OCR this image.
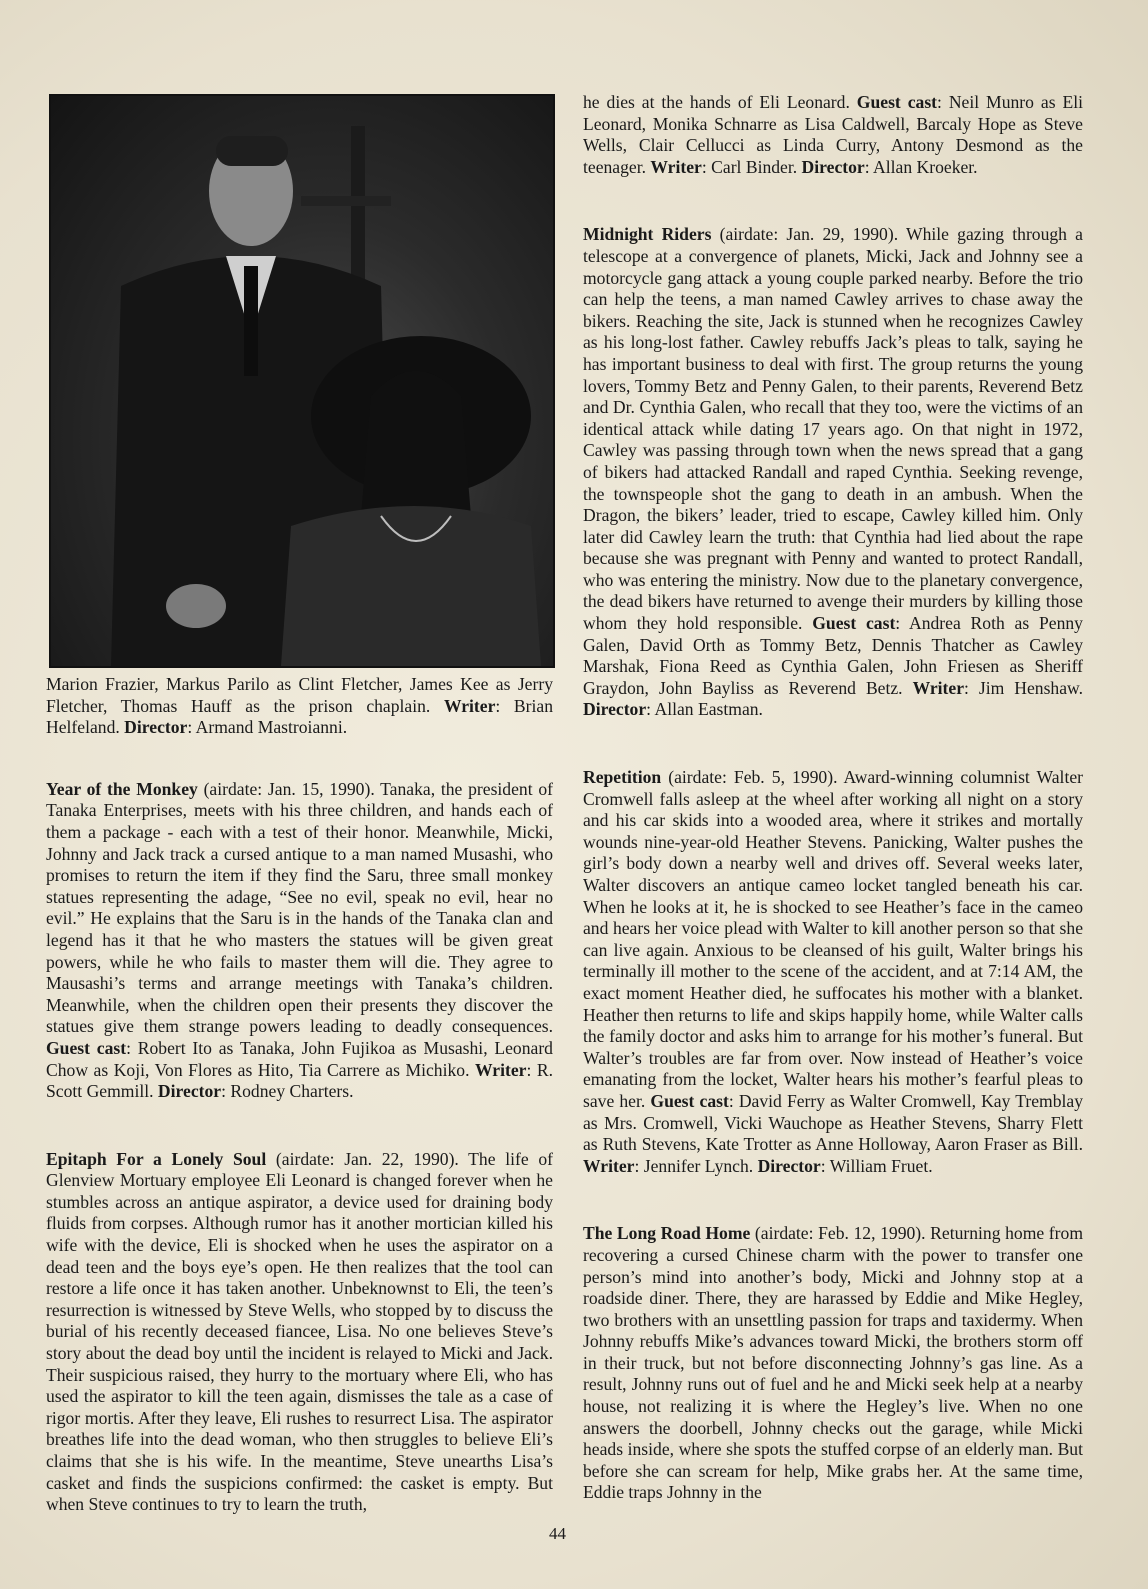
Marion Frazier, Markus Parilo as Clint Fletcher, James Kee as Jerry Fletcher, Thomas Hauff as the prison chaplain. Writer: Brian Helfeland. Director: Armand Mastroianni.
Year of the Monkey (airdate: Jan. 15, 1990). Tanaka, the president of Tanaka Enterprises, meets with his three children, and hands each of them a package - each with a test of their honor. Meanwhile, Micki, Johnny and Jack track a cursed antique to a man named Musashi, who promises to return the item if they find the Saru, three small monkey statues representing the adage, “See no evil, speak no evil, hear no evil.” He explains that the Saru is in the hands of the Tanaka clan and legend has it that he who masters the statues will be given great powers, while he who fails to master them will die. They agree to Mausashi’s terms and arrange meetings with Tanaka’s children. Meanwhile, when the children open their presents they discover the statues give them strange powers leading to deadly consequences. Guest cast: Robert Ito as Tanaka, John Fujikoa as Musashi, Leonard Chow as Koji, Von Flores as Hito, Tia Carrere as Michiko. Writer: R. Scott Gemmill. Director: Rodney Charters.
Epitaph For a Lonely Soul (airdate: Jan. 22, 1990). The life of Glenview Mortuary employee Eli Leonard is changed forever when he stumbles across an antique aspirator, a device used for draining body fluids from corpses. Although rumor has it another mortician killed his wife with the device, Eli is shocked when he uses the aspirator on a dead teen and the boys eye’s open. He then realizes that the tool can restore a life once it has taken another. Unbeknownst to Eli, the teen’s resurrection is witnessed by Steve Wells, who stopped by to discuss the burial of his recently deceased fiancee, Lisa. No one believes Steve’s story about the dead boy until the incident is relayed to Micki and Jack. Their suspicious raised, they hurry to the mortuary where Eli, who has used the aspirator to kill the teen again, dismisses the tale as a case of rigor mortis. After they leave, Eli rushes to resurrect Lisa. The aspirator breathes life into the dead woman, who then struggles to believe Eli’s claims that she is his wife. In the meantime, Steve unearths Lisa’s casket and finds the suspicions confirmed: the casket is empty. But when Steve continues to try to learn the truth,
he dies at the hands of Eli Leonard. Guest cast: Neil Munro as Eli Leonard, Monika Schnarre as Lisa Caldwell, Barcaly Hope as Steve Wells, Clair Cellucci as Linda Curry, Antony Desmond as the teenager. Writer: Carl Binder. Director: Allan Kroeker.
Midnight Riders (airdate: Jan. 29, 1990). While gazing through a telescope at a convergence of planets, Micki, Jack and Johnny see a motorcycle gang attack a young couple parked nearby. Before the trio can help the teens, a man named Cawley arrives to chase away the bikers. Reaching the site, Jack is stunned when he recognizes Cawley as his long-lost father. Cawley rebuffs Jack’s pleas to talk, saying he has important business to deal with first. The group returns the young lovers, Tommy Betz and Penny Galen, to their parents, Reverend Betz and Dr. Cynthia Galen, who recall that they too, were the victims of an identical attack while dating 17 years ago. On that night in 1972, Cawley was passing through town when the news spread that a gang of bikers had attacked Randall and raped Cynthia. Seeking revenge, the townspeople shot the gang to death in an ambush. When the Dragon, the bikers’ leader, tried to escape, Cawley killed him. Only later did Cawley learn the truth: that Cynthia had lied about the rape because she was pregnant with Penny and wanted to protect Randall, who was entering the ministry. Now due to the planetary convergence, the dead bikers have returned to avenge their murders by killing those whom they hold responsible. Guest cast: Andrea Roth as Penny Galen, David Orth as Tommy Betz, Dennis Thatcher as Cawley Marshak, Fiona Reed as Cynthia Galen, John Friesen as Sheriff Graydon, John Bayliss as Reverend Betz. Writer: Jim Henshaw. Director: Allan Eastman.
Repetition (airdate: Feb. 5, 1990). Award-winning columnist Walter Cromwell falls asleep at the wheel after working all night on a story and his car skids into a wooded area, where it strikes and mortally wounds nine-year-old Heather Stevens. Panicking, Walter pushes the girl’s body down a nearby well and drives off. Several weeks later, Walter discovers an antique cameo locket tangled beneath his car. When he looks at it, he is shocked to see Heather’s face in the cameo and hears her voice plead with Walter to kill another person so that she can live again. Anxious to be cleansed of his guilt, Walter brings his terminally ill mother to the scene of the accident, and at 7:14 AM, the exact moment Heather died, he suffocates his mother with a blanket. Heather then returns to life and skips happily home, while Walter calls the family doctor and asks him to arrange for his mother’s funeral. But Walter’s troubles are far from over. Now instead of Heather’s voice emanating from the locket, Walter hears his mother’s fearful pleas to save her. Guest cast: David Ferry as Walter Cromwell, Kay Tremblay as Mrs. Cromwell, Vicki Wauchope as Heather Stevens, Sharry Flett as Ruth Stevens, Kate Trotter as Anne Holloway, Aaron Fraser as Bill. Writer: Jennifer Lynch. Director: William Fruet.
The Long Road Home (airdate: Feb. 12, 1990). Returning home from recovering a cursed Chinese charm with the power to transfer one person’s mind into another’s body, Micki and Johnny stop at a roadside diner. There, they are harassed by Eddie and Mike Hegley, two brothers with an unsettling passion for traps and taxidermy. When Johnny rebuffs Mike’s advances toward Micki, the brothers storm off in their truck, but not before disconnecting Johnny’s gas line. As a result, Johnny runs out of fuel and he and Micki seek help at a nearby house, not realizing it is where the Hegley’s live. When no one answers the doorbell, Johnny checks out the garage, while Micki heads inside, where she spots the stuffed corpse of an elderly man. But before she can scream for help, Mike grabs her. At the same time, Eddie traps Johnny in the
44
